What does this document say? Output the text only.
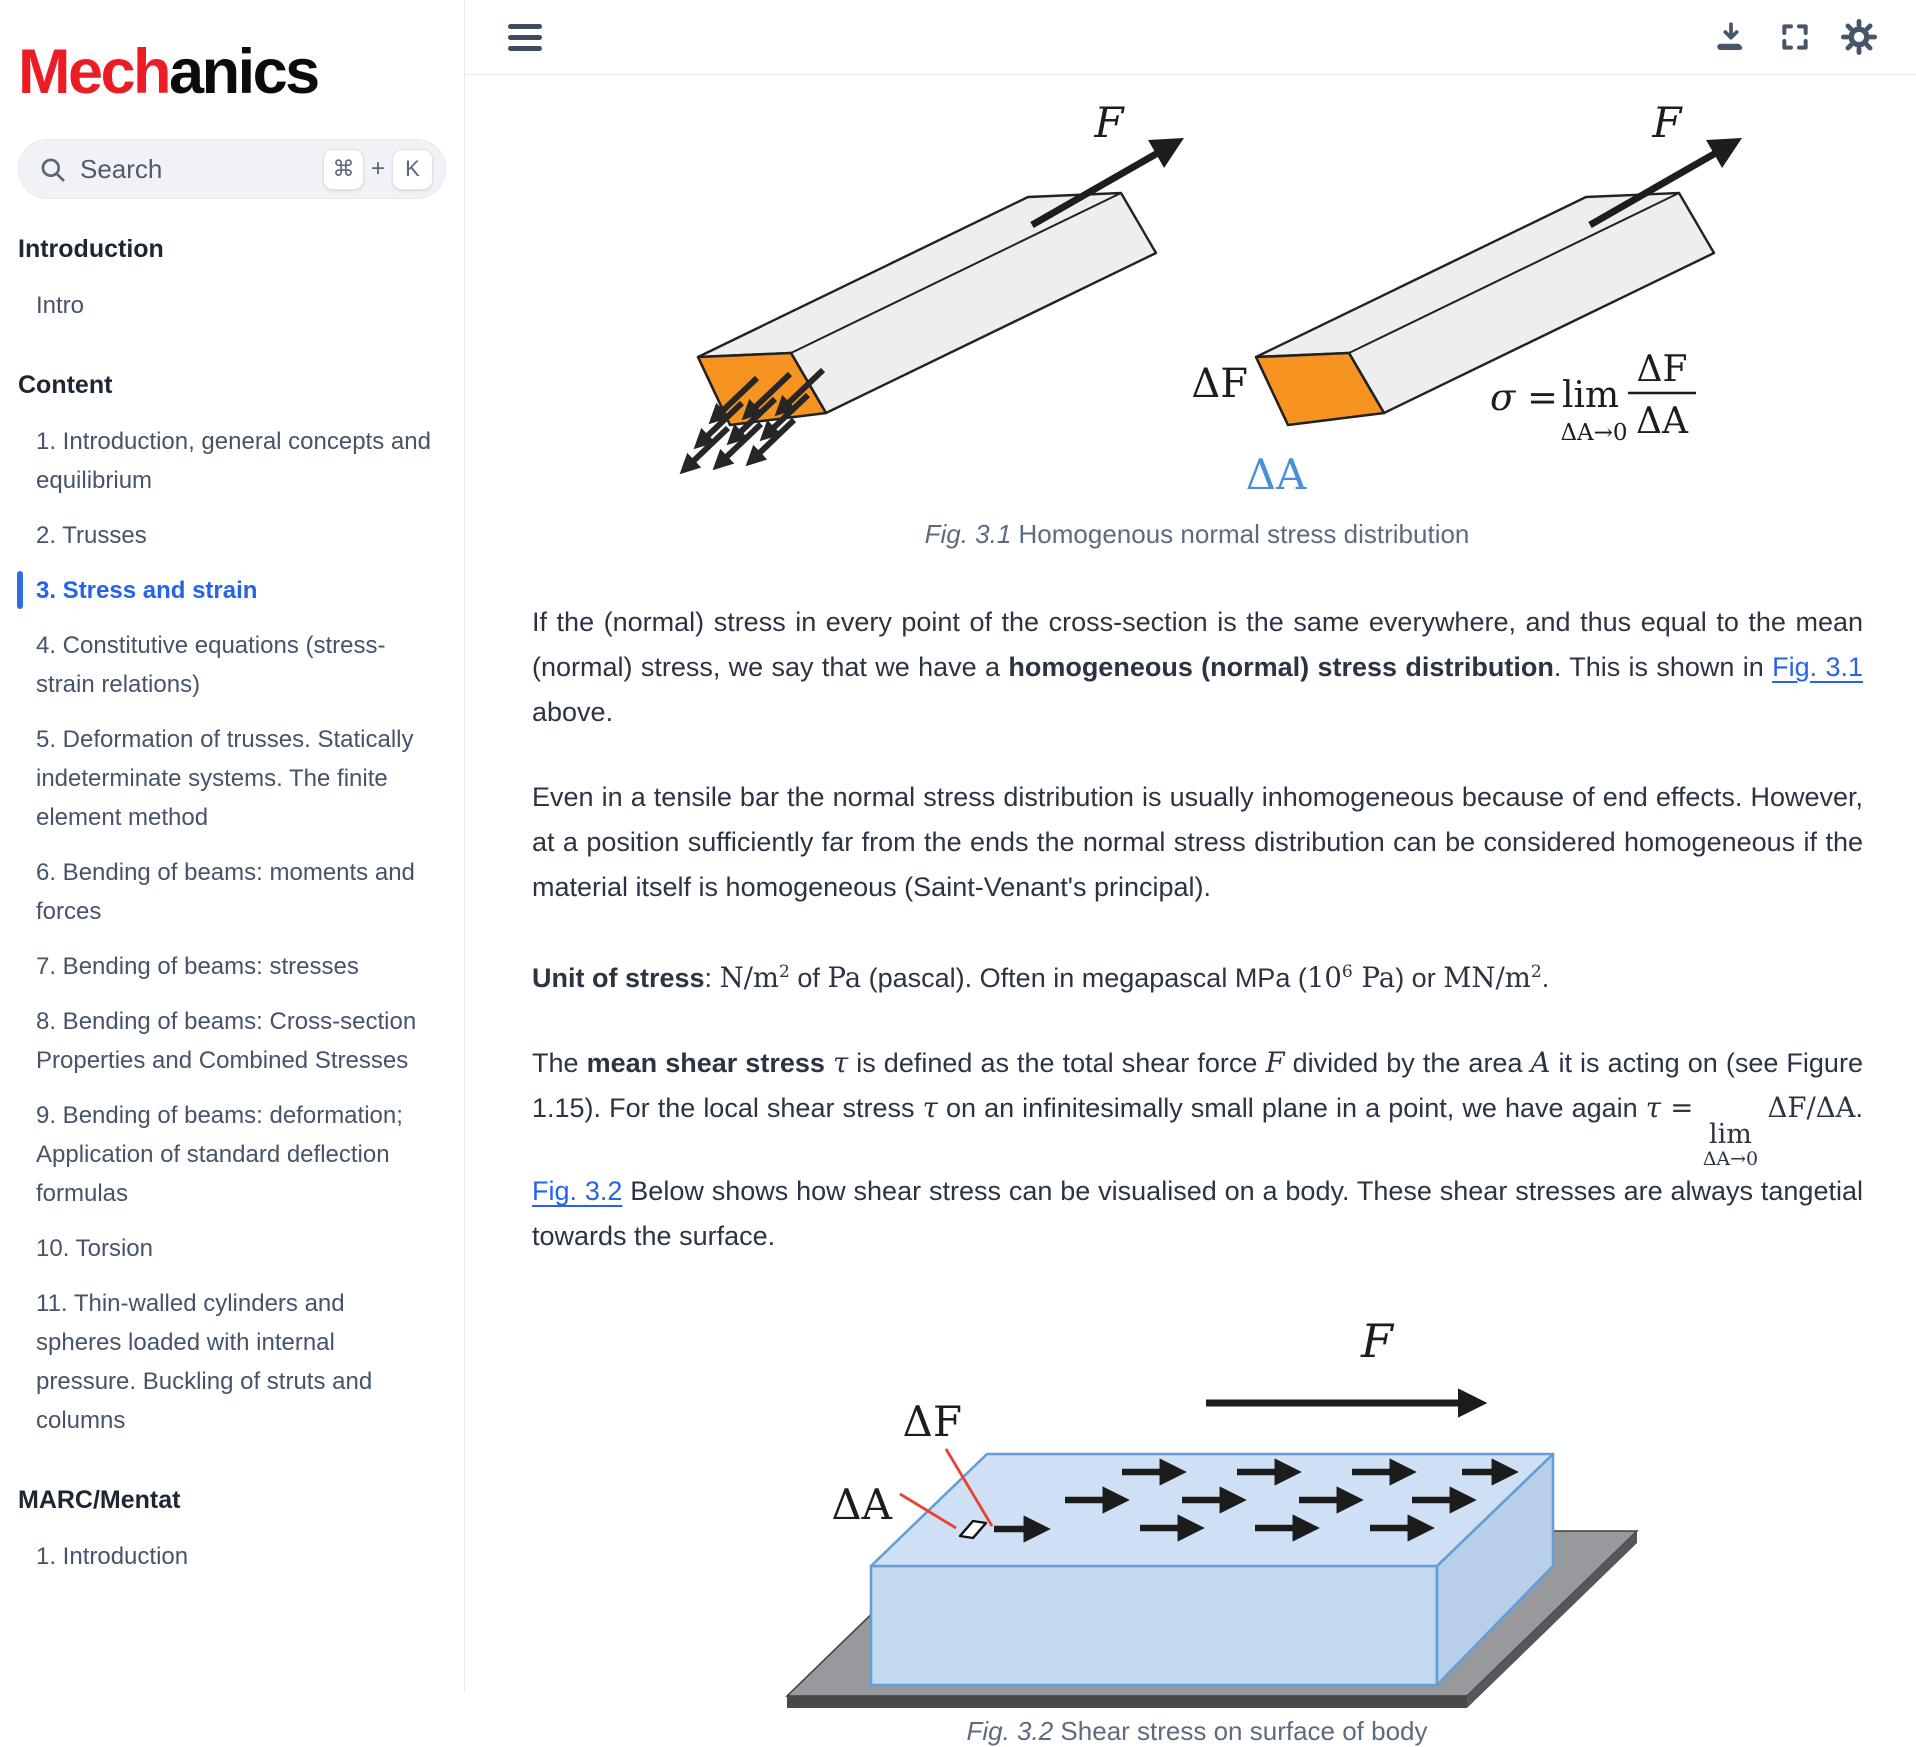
Mechanics
Search	⌘ + K
Introduction
Intro
Content
1. Introduction, general concepts and equilibrium
2. Trusses
3. Stress and strain
4. Constitutive equations (stress-strain relations)
5. Deformation of trusses. Statically indeterminate systems. The finite element method
6. Bending of beams: moments and forces
7. Bending of beams: stresses
8. Bending of beams: Cross-section Properties and Combined Stresses
9. Bending of beams: deformation; Application of standard deflection formulas
10. Torsion
11. Thin-walled cylinders and spheres loaded with internal pressure. Buckling of struts and columns
MARC/Mentat
1. Introduction
F	F
ΔF
ΔA
σ = lim
ΔA→0
ΔF
ΔA
Fig. 3.1 Homogenous normal stress distribution

If the (normal) stress in every point of the cross-section is the same everywhere, and thus equal to the mean (normal) stress, we say that we have a homogeneous (normal) stress distribution. This is shown in Fig. 3.1 above.

Even in a tensile bar the normal stress distribution is usually inhomogeneous because of end effects. However, at a position sufficiently far from the ends the normal stress distribution can be considered homogeneous if the material itself is homogeneous (Saint-Venant's principal).

Unit of stress: $N/m^2$ of Pa (pascal). Often in megapascal MPa ($10^6$ Pa) or $MN/m^2$.

The mean shear stress τ is defined as the total shear force F divided by the area A it is acting on (see Figure 1.15). For the local shear stress τ on an infinitesimally small plane in a point, we have again τ =
lim
ΔA→0
ΔF/ΔA. Fig. 3.2 Below shows how shear stress can be visualised on a body. These shear stresses are always tangetial towards the surface.

ΔF
ΔA
F
Fig. 3.2 Shear stress on surface of body
